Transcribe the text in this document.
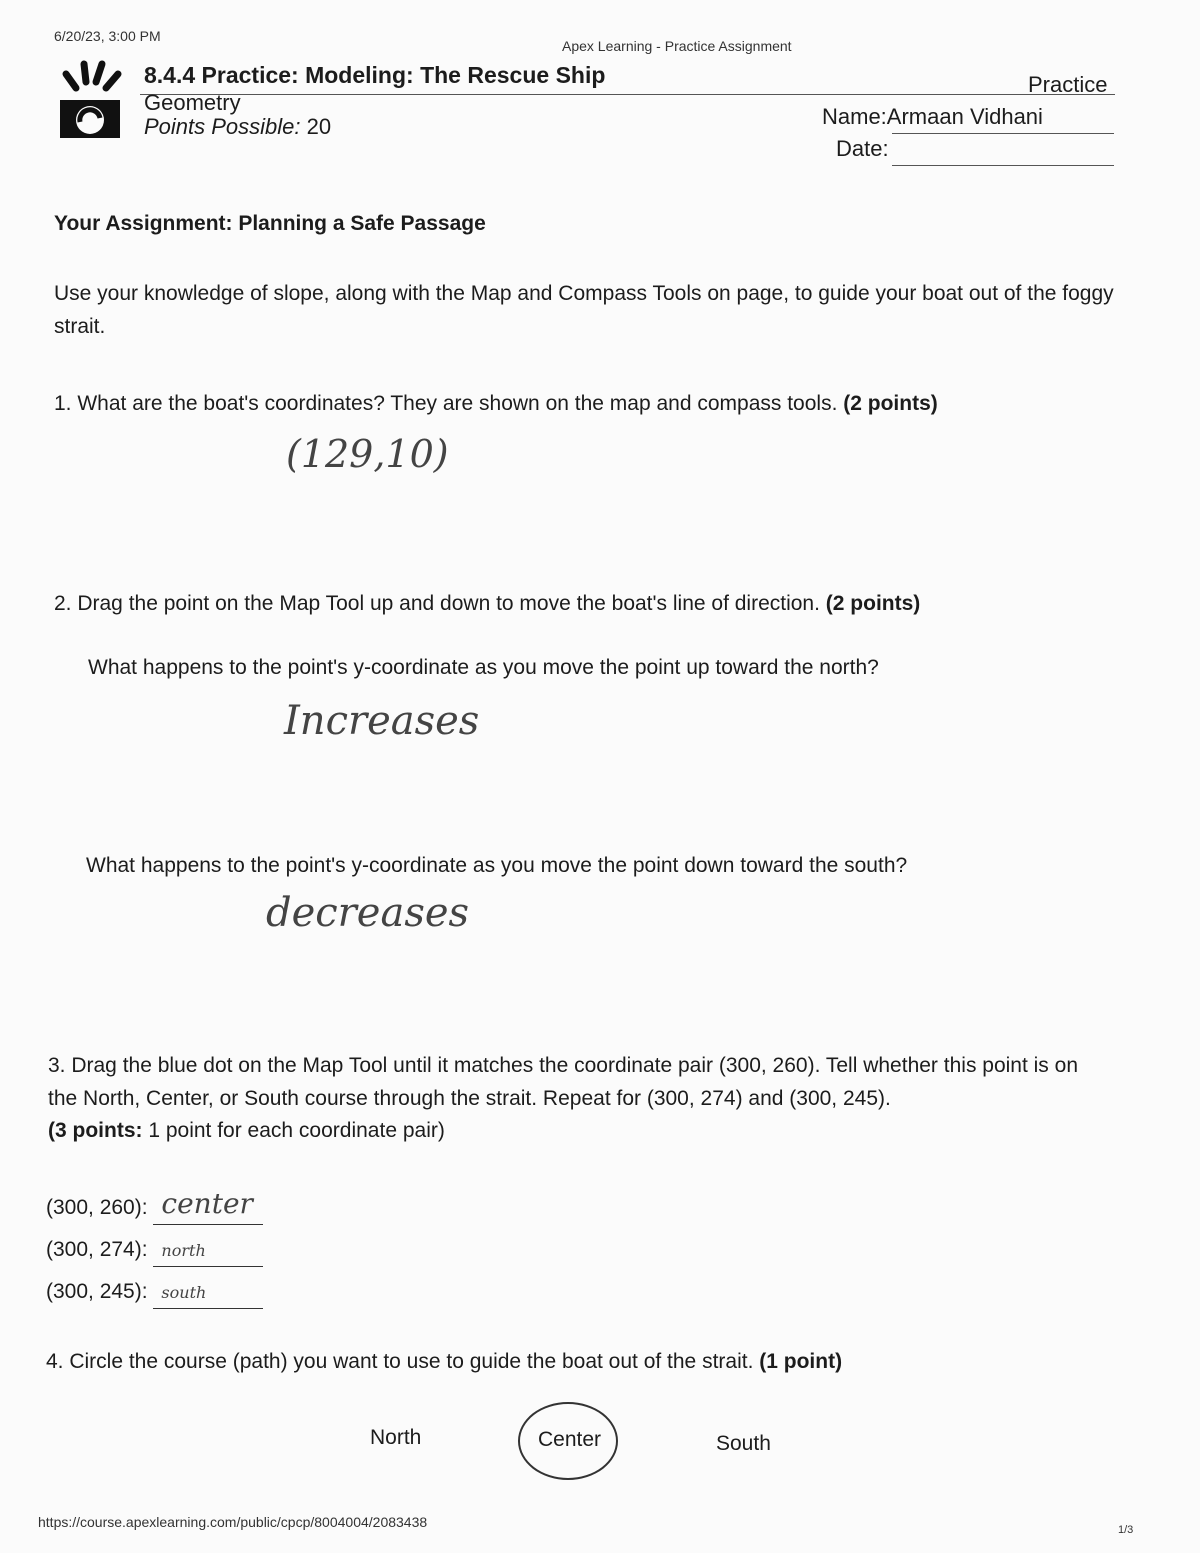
6/20/23, 3:00 PM
Apex Learning - Practice Assignment
8.4.4 Practice: Modeling: The Rescue Ship
Geometry
Points Possible: 20
Practice
Name:Armaan Vidhani
Date:
Your Assignment: Planning a Safe Passage
Use your knowledge of slope, along with the Map and Compass Tools on page, to guide your boat out of the foggy strait.
1. What are the boat's coordinates? They are shown on the map and compass tools. (2 points)
(129,10)
2. Drag the point on the Map Tool up and down to move the boat's line of direction. (2 points)
What happens to the point's y-coordinate as you move the point up toward the north?
Increases
What happens to the point's y-coordinate as you move the point down toward the south?
decreases
3. Drag the blue dot on the Map Tool until it matches the coordinate pair (300, 260). Tell whether this point is on the North, Center, or South course through the strait. Repeat for (300, 274) and (300, 245).
(3 points: 1 point for each coordinate pair)
(300, 260): center
(300, 274): north
(300, 245): south
4. Circle the course (path) you want to use to guide the boat out of the strait. (1 point)
North	Center	South
https://course.apexlearning.com/public/cpcp/8004004/2083438	1/3
